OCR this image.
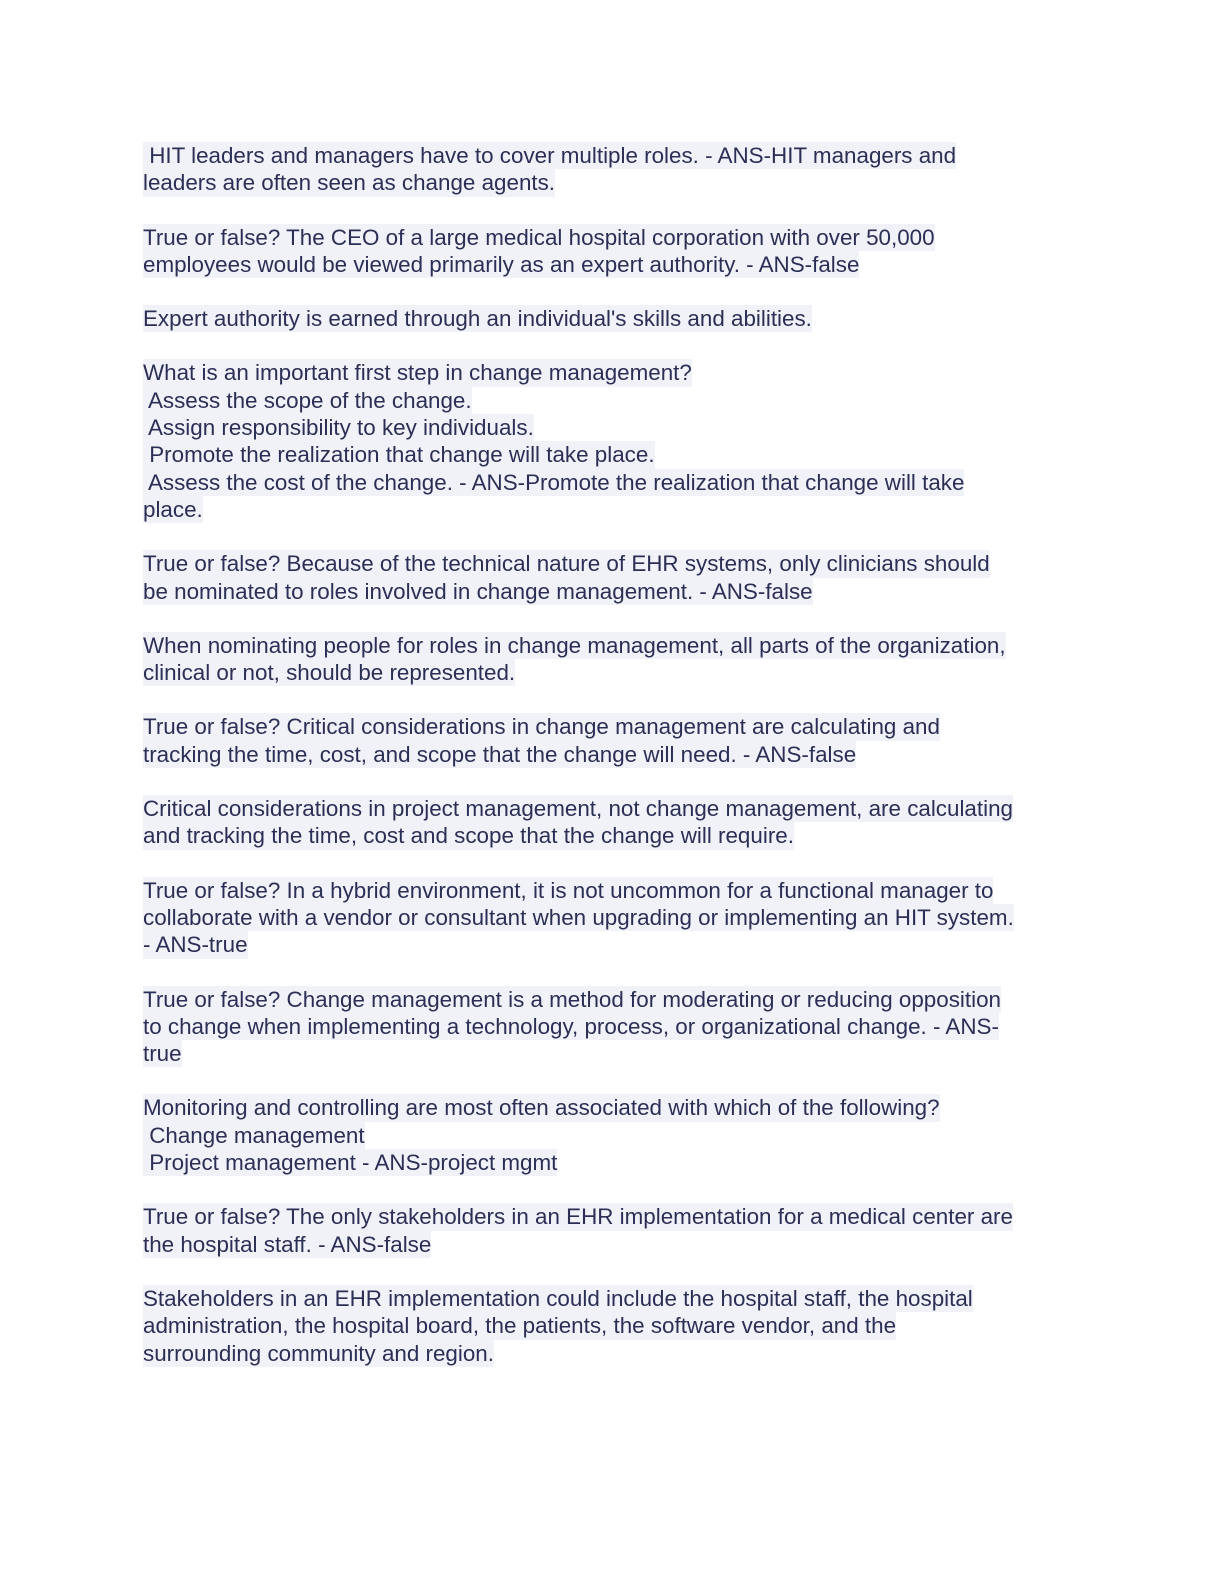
HIT leaders and managers have to cover multiple roles. - ANS-HIT managers and
leaders are often seen as change agents.
True or false? The CEO of a large medical hospital corporation with over 50,000
employees would be viewed primarily as an expert authority. - ANS-false
Expert authority is earned through an individual's skills and abilities.
What is an important first step in change management?
Assess the scope of the change.
Assign responsibility to key individuals.
Promote the realization that change will take place.
Assess the cost of the change. - ANS-Promote the realization that change will take
place.
True or false? Because of the technical nature of EHR systems, only clinicians should
be nominated to roles involved in change management. - ANS-false
When nominating people for roles in change management, all parts of the organization,
clinical or not, should be represented.
True or false? Critical considerations in change management are calculating and
tracking the time, cost, and scope that the change will need. - ANS-false
Critical considerations in project management, not change management, are calculating
and tracking the time, cost and scope that the change will require.
True or false? In a hybrid environment, it is not uncommon for a functional manager to
collaborate with a vendor or consultant when upgrading or implementing an HIT system.
- ANS-true
True or false? Change management is a method for moderating or reducing opposition
to change when implementing a technology, process, or organizational change. - ANS-
true
Monitoring and controlling are most often associated with which of the following?
Change management
Project management - ANS-project mgmt
True or false? The only stakeholders in an EHR implementation for a medical center are
the hospital staff. - ANS-false
Stakeholders in an EHR implementation could include the hospital staff, the hospital
administration, the hospital board, the patients, the software vendor, and the
surrounding community and region.
